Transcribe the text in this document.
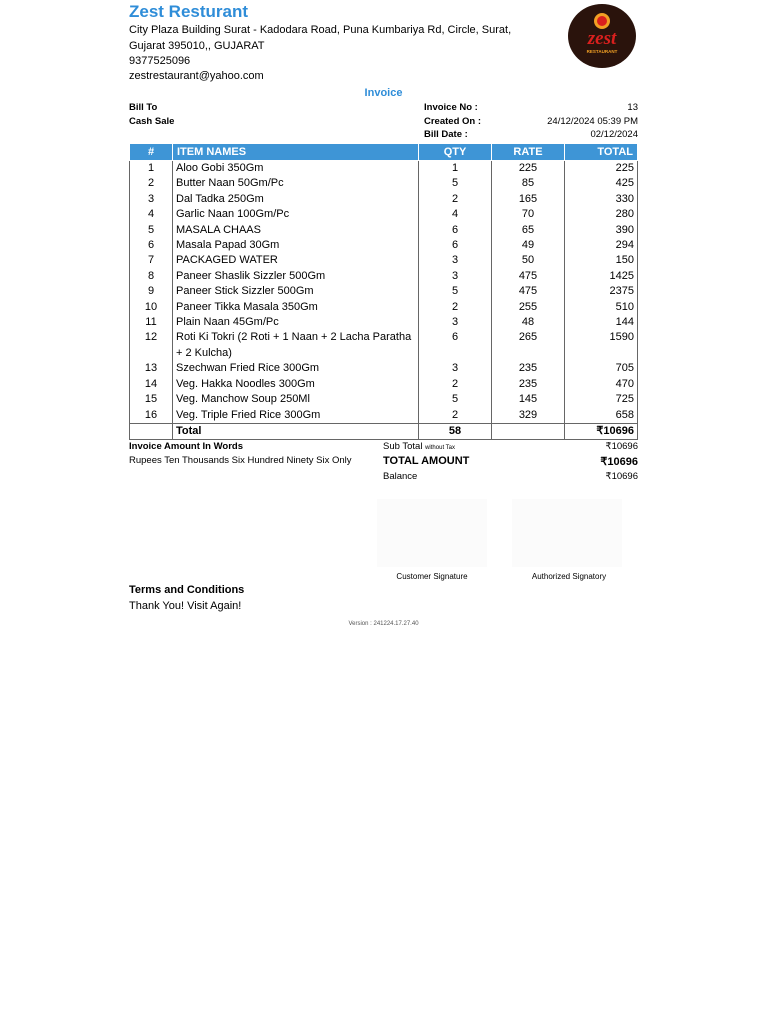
Zest Resturant
City Plaza Building Surat - Kadodara Road, Puna Kumbariya Rd, Circle, Surat, Gujarat 395010,, GUJARAT
9377525096
zestrestaurant@yahoo.com
zest
RESTAURANT
Invoice
Bill To
Cash Sale
Invoice No :	13
Created On :	24/12/2024 05:39 PM
Bill Date :	02/12/2024
#	ITEM NAMES	QTY	RATE	TOTAL
1	Aloo Gobi 350Gm	1	225	225
2	Butter Naan 50Gm/Pc	5	85	425
3	Dal Tadka 250Gm	2	165	330
4	Garlic Naan 100Gm/Pc	4	70	280
5	MASALA CHAAS	6	65	390
6	Masala Papad 30Gm	6	49	294
7	PACKAGED WATER	3	50	150
8	Paneer Shaslik Sizzler 500Gm	3	475	1425
9	Paneer Stick Sizzler 500Gm	5	475	2375
10	Paneer Tikka Masala 350Gm	2	255	510
11	Plain Naan 45Gm/Pc	3	48	144
12	Roti Ki Tokri (2 Roti + 1 Naan + 2 Lacha Paratha + 2 Kulcha)	6	265	1590
13	Szechwan Fried Rice 300Gm	3	235	705
14	Veg. Hakka Noodles 300Gm	2	235	470
15	Veg. Manchow Soup 250Ml	5	145	725
16	Veg. Triple Fried Rice 300Gm	2	329	658
	Total	58		₹10696
Invoice Amount In Words
Rupees Ten Thousands Six Hundred Ninety Six Only
Sub Total without Tax	₹10696
TOTAL AMOUNT	₹10696
Balance	₹10696
Customer Signature	Authorized Signatory
Terms and Conditions
Thank You! Visit Again!
Version : 241224.17.27.40
